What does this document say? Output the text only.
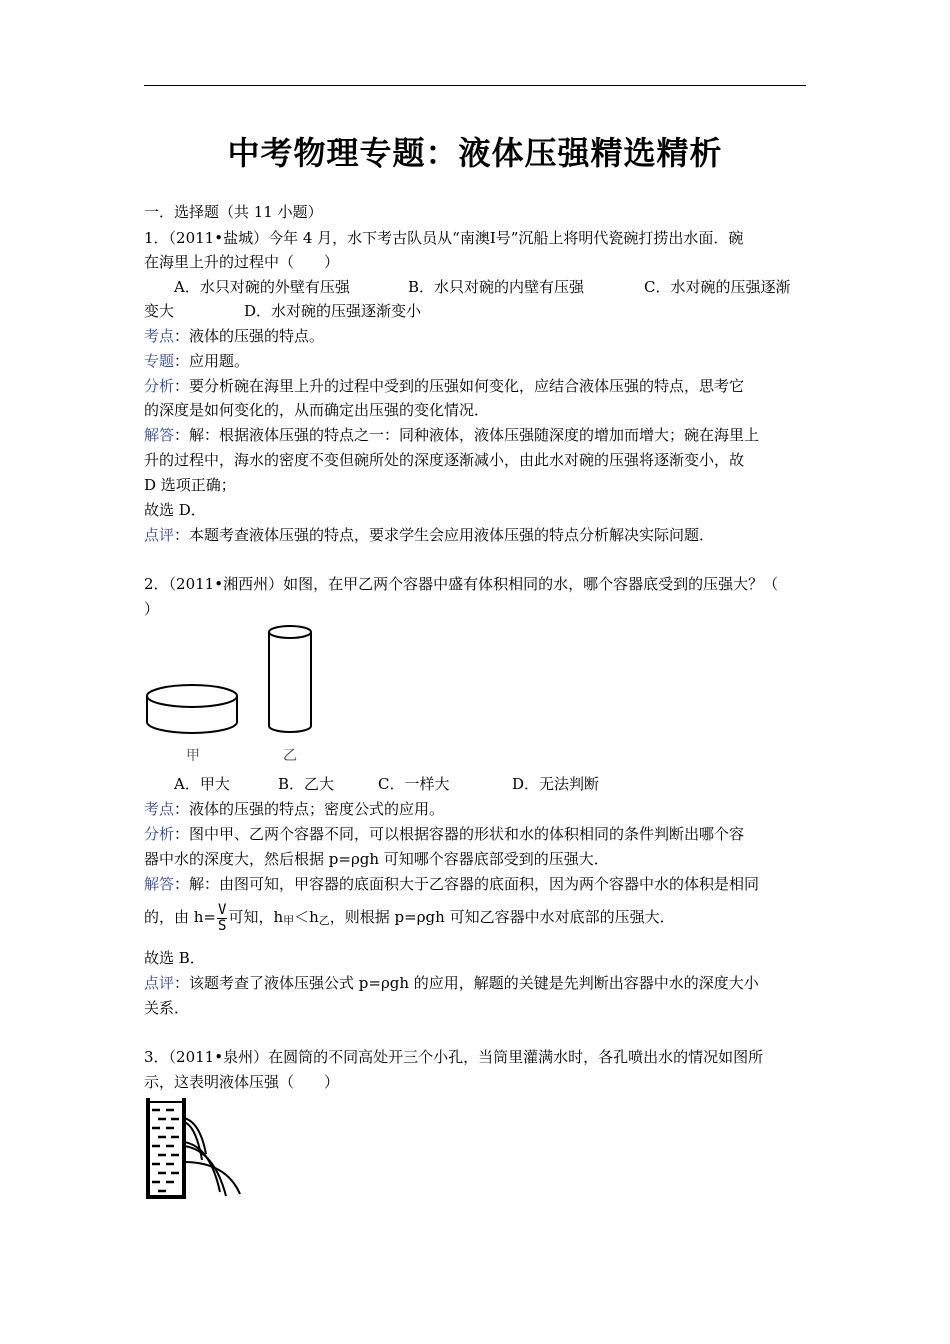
中考物理专题：液体压强精选精析
一．选择题（共 11 小题）
1．（2011•盐城）今年 4 月，水下考古队员从“南澳Ⅰ号”沉船上将明代瓷碗打捞出水面．碗
在海里上升的过程中（　　）
A．水只对碗的外壁有压强	B．水只对碗的内壁有压强	C．水对碗的压强逐渐
变大	D．水对碗的压强逐渐变小
考点：液体的压强的特点。
专题：应用题。
分析：要分析碗在海里上升的过程中受到的压强如何变化，应结合液体压强的特点，思考它
的深度是如何变化的，从而确定出压强的变化情况．
解答：解：根据液体压强的特点之一：同种液体，液体压强随深度的增加而增大；碗在海里上
升的过程中，海水的密度不变但碗所处的深度逐渐减小，由此水对碗的压强将逐渐变小，故
D 选项正确；
故选 D．
点评：本题考查液体压强的特点，要求学生会应用液体压强的特点分析解决实际问题．
2．（2011•湘西州）如图，在甲乙两个容器中盛有体积相同的水，哪个容器底受到的压强大？（
）
甲	乙
A．甲大	B．乙大	C．一样大	D．无法判断
考点：液体的压强的特点；密度公式的应用。
分析：图中甲、乙两个容器不同，可以根据容器的形状和水的体积相同的条件判断出哪个容
器中水的深度大，然后根据 p=ρgh 可知哪个容器底部受到的压强大．
解答：解：由图可知，甲容器的底面积大于乙容器的底面积，因为两个容器中水的体积是相同
的，由 $h= \frac{V}{S}$ 可知，$h_甲<h_乙$，则根据 p=ρgh 可知乙容器中水对底部的压强大．
故选 B．
点评：该题考查了液体压强公式 p=ρgh 的应用，解题的关键是先判断出容器中水的深度大小
关系．
3．（2011•泉州）在圆筒的不同高处开三个小孔，当筒里灌满水时，各孔喷出水的情况如图所
示，这表明液体压强（　　）
